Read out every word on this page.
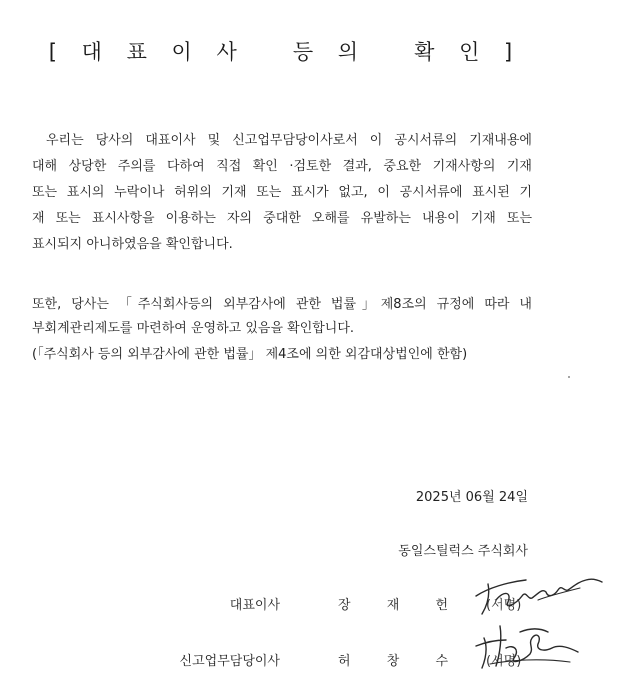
[ 대 표 이 사   등 의   확 인 ]
우리는 당사의 대표이사 및 신고업무담당이사로서 이 공시서류의 기재내용에
대해 상당한 주의를 다하여 직접 확인 ·검토한 결과, 중요한 기재사항의 기재
또는 표시의 누락이나 허위의 기재 또는 표시가 없고, 이 공시서류에 표시된 기
재 또는 표시사항을 이용하는 자의 중대한 오해를 유발하는 내용이 기재 또는
표시되지 아니하였음을 확인합니다.
또한, 당사는 「주식회사등의 외부감사에 관한 법률」제8조의 규정에 따라 내
부회계관리제도를 마련하여 운영하고 있음을 확인합니다.
(「주식회사 등의 외부감사에 관한 법률」 제4조에 의한 외감대상법인에 한함)
2025년 06월 24일
동일스틸럭스 주식회사
대표이사	장	재	헌	(서명)
신고업무담당이사	허	창	수	(서명)
